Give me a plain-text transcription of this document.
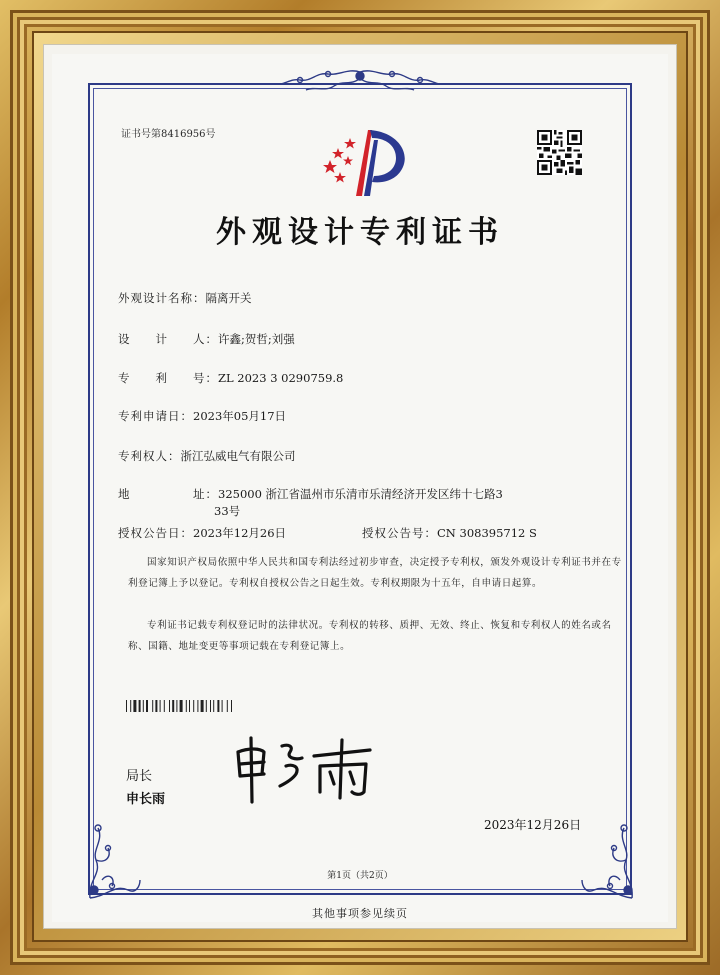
证书号第8416956号
外观设计专利证书
外观设计名称：隔离开关
设　　计　　人：许鑫;贺哲;刘强
专　　利　　号：ZL 2023 3 0290759.8
专利申请日：2023年05月17日
专利权人：浙江弘威电气有限公司
地　　　　　址：325000 浙江省温州市乐清市乐清经济开发区纬十七路3
33号
授权公告日：2023年12月26日	授权公告号：CN 308395712 S
国家知识产权局依照中华人民共和国专利法经过初步审查，决定授予专利权，颁发外观设计专利证书并在专利登记簿上予以登记。专利权自授权公告之日起生效。专利权期限为十五年，自申请日起算。
专利证书记载专利权登记时的法律状况。专利权的转移、质押、无效、终止、恢复和专利权人的姓名或名称、国籍、地址变更等事项记载在专利登记簿上。
局长
申长雨
2023年12月26日
第1页（共2页）
其他事项参见续页
